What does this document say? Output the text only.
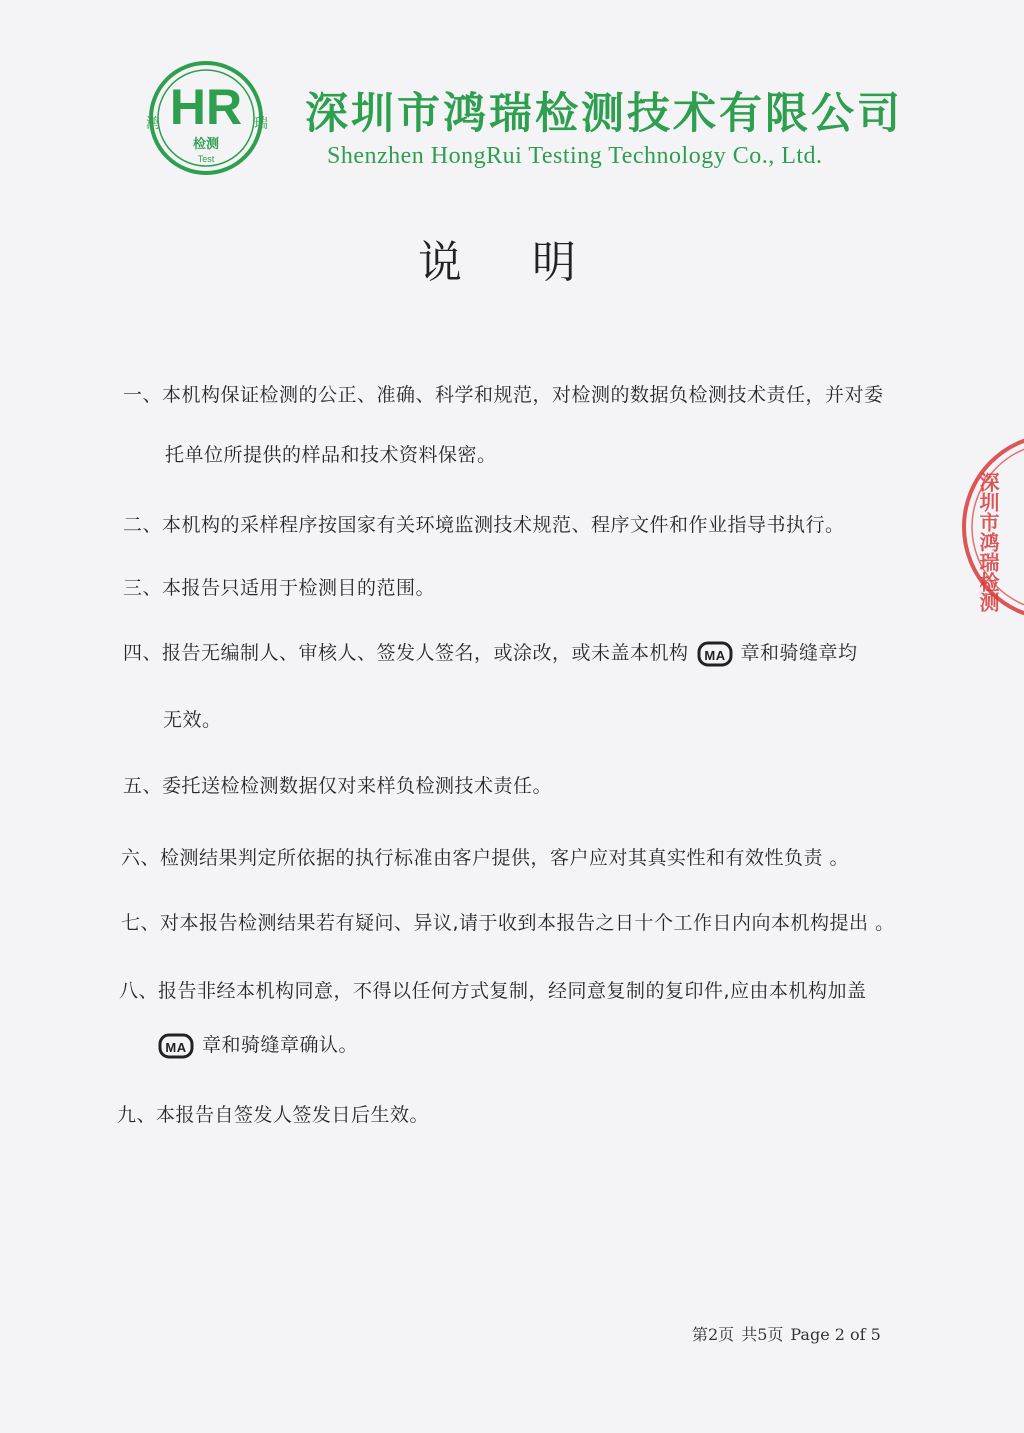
HR
鸿	瑞
检测
Test
深圳市鸿瑞检测技术有限公司
Shenzhen HongRui Testing Technology Co., Ltd.
说明
一、本机构保证检测的公正、准确、科学和规范，对检测的数据负检测技术责任，并对委
托单位所提供的样品和技术资料保密。
二、本机构的采样程序按国家有关环境监测技术规范、程序文件和作业指导书执行。
三、本报告只适用于检测目的范围。
四、报告无编制人、审核人、签发人签名，或涂改，或未盖本机构 MA 章和骑缝章均
无效。
五、委托送检检测数据仅对来样负检测技术责任。
六、检测结果判定所依据的执行标准由客户提供，客户应对其真实性和有效性负责 。
七、对本报告检测结果若有疑问、异议,请于收到本报告之日十个工作日内向本机构提出 。
八、报告非经本机构同意，不得以任何方式复制，经同意复制的复印件,应由本机构加盖
MA 章和骑缝章确认。
九、本报告自签发人签发日后生效。
深圳市鸿瑞检测
第2页 共5页 Page 2 of 5
